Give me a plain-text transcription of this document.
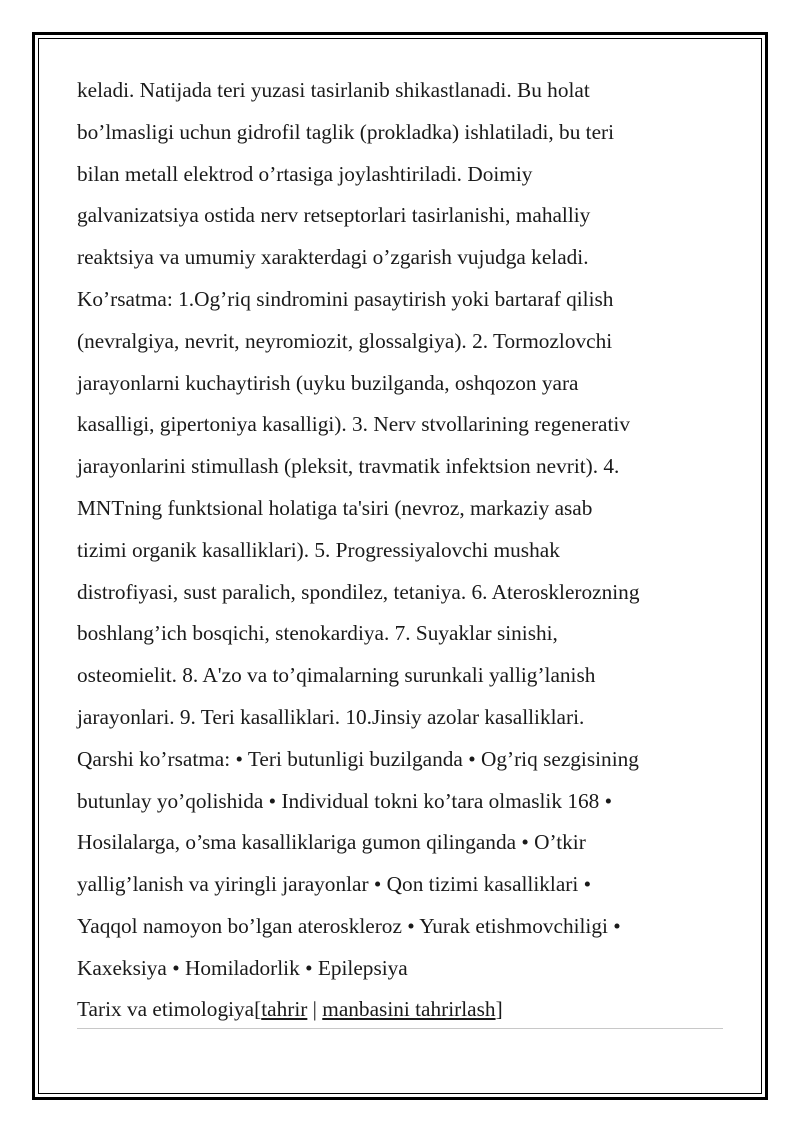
keladi. Natijada teri yuzasi tasirlanib shikastlanadi. Bu holat
bo’lmasligi uchun gidrofil taglik (prokladka) ishlatiladi, bu teri
bilan metall elektrod o’rtasiga joylashtiriladi. Doimiy
galvanizatsiya ostida nerv retseptorlari tasirlanishi, mahalliy
reaktsiya va umumiy xarakterdagi o’zgarish vujudga keladi.
Ko’rsatma: 1.Og’riq sindromini pasaytirish yoki bartaraf qilish
(nevralgiya, nevrit, neyromiozit, glossalgiya). 2. Tormozlovchi
jarayonlarni kuchaytirish (uyku buzilganda, oshqozon yara
kasalligi, gipertoniya kasalligi). 3. Nerv stvollarining regenerativ
jarayonlarini stimullash (pleksit, travmatik infektsion nevrit). 4.
MNTning funktsional holatiga ta'siri (nevroz, markaziy asab
tizimi organik kasalliklari). 5. Progressiyalovchi mushak
distrofiyasi, sust paralich, spondilez, tetaniya. 6. Aterosklerozning
boshlang’ich bosqichi, stenokardiya. 7. Suyaklar sinishi,
osteomielit. 8. A'zo va to’qimalarning surunkali yallig’lanish
jarayonlari. 9. Teri kasalliklari. 10.Jinsiy azolar kasalliklari.
Qarshi ko’rsatma: • Teri butunligi buzilganda • Og’riq sezgisining
butunlay yo’qolishida • Individual tokni ko’tara olmaslik 168 •
Hosilalarga, o’sma kasalliklariga gumon qilinganda • O’tkir
yallig’lanish va yiringli jarayonlar • Qon tizimi kasalliklari •
Yaqqol namoyon bo’lgan ateroskleroz • Yurak etishmovchiligi •
Kaxeksiya • Homiladorlik • Epilepsiya
Tarix va etimologiya[tahrir | manbasini tahrirlash]
